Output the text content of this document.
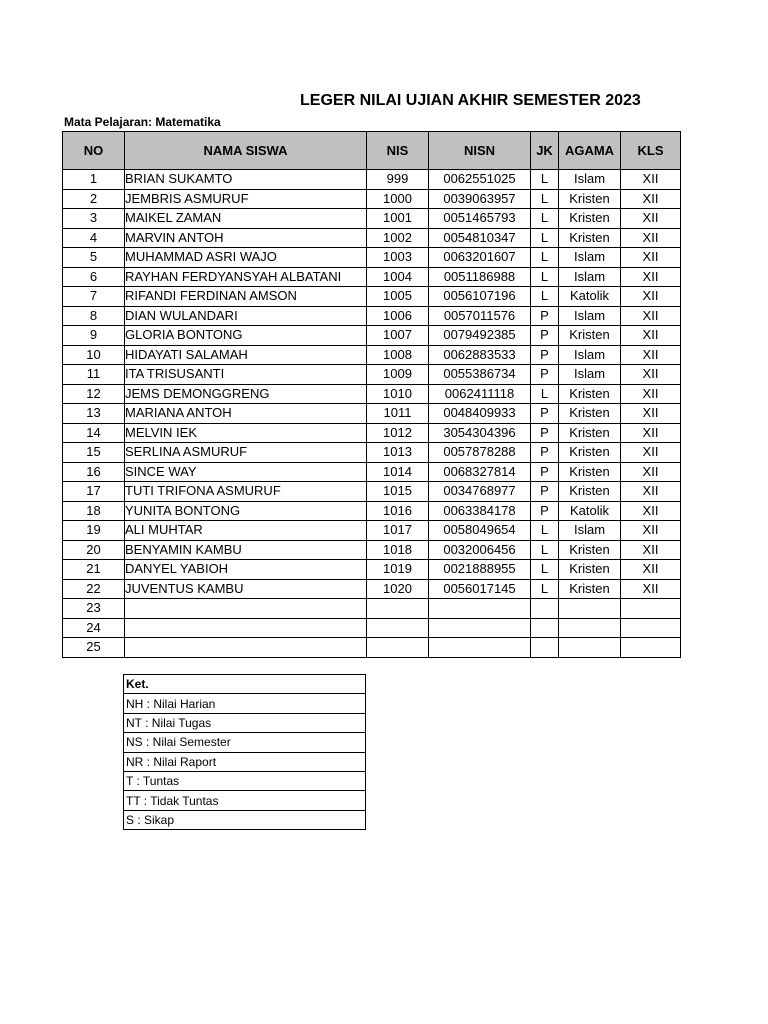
LEGER NILAI UJIAN AKHIR SEMESTER 2023
Mata Pelajaran: Matematika
NO	NAMA SISWA	NIS	NISN	JK	AGAMA	KLS
1	BRIAN SUKAMTO	999	0062551025	L	Islam	XII
2	JEMBRIS ASMURUF	1000	0039063957	L	Kristen	XII
3	MAIKEL ZAMAN	1001	0051465793	L	Kristen	XII
4	MARVIN ANTOH	1002	0054810347	L	Kristen	XII
5	MUHAMMAD ASRI WAJO	1003	0063201607	L	Islam	XII
6	RAYHAN FERDYANSYAH ALBATANI	1004	0051186988	L	Islam	XII
7	RIFANDI FERDINAN AMSON	1005	0056107196	L	Katolik	XII
8	DIAN WULANDARI	1006	0057011576	P	Islam	XII
9	GLORIA BONTONG	1007	0079492385	P	Kristen	XII
10	HIDAYATI SALAMAH	1008	0062883533	P	Islam	XII
11	ITA TRISUSANTI	1009	0055386734	P	Islam	XII
12	JEMS DEMONGGRENG	1010	0062411118	L	Kristen	XII
13	MARIANA ANTOH	1011	0048409933	P	Kristen	XII
14	MELVIN IEK	1012	3054304396	P	Kristen	XII
15	SERLINA ASMURUF	1013	0057878288	P	Kristen	XII
16	SINCE WAY	1014	0068327814	P	Kristen	XII
17	TUTI TRIFONA ASMURUF	1015	0034768977	P	Kristen	XII
18	YUNITA BONTONG	1016	0063384178	P	Katolik	XII
19	ALI MUHTAR	1017	0058049654	L	Islam	XII
20	BENYAMIN KAMBU	1018	0032006456	L	Kristen	XII
21	DANYEL YABIOH	1019	0021888955	L	Kristen	XII
22	JUVENTUS KAMBU	1020	0056017145	L	Kristen	XII
23						
24						
25						
Ket.
NH : Nilai Harian
NT : Nilai Tugas
NS : Nilai Semester
NR : Nilai Raport
T : Tuntas
TT : Tidak Tuntas
S : Sikap
